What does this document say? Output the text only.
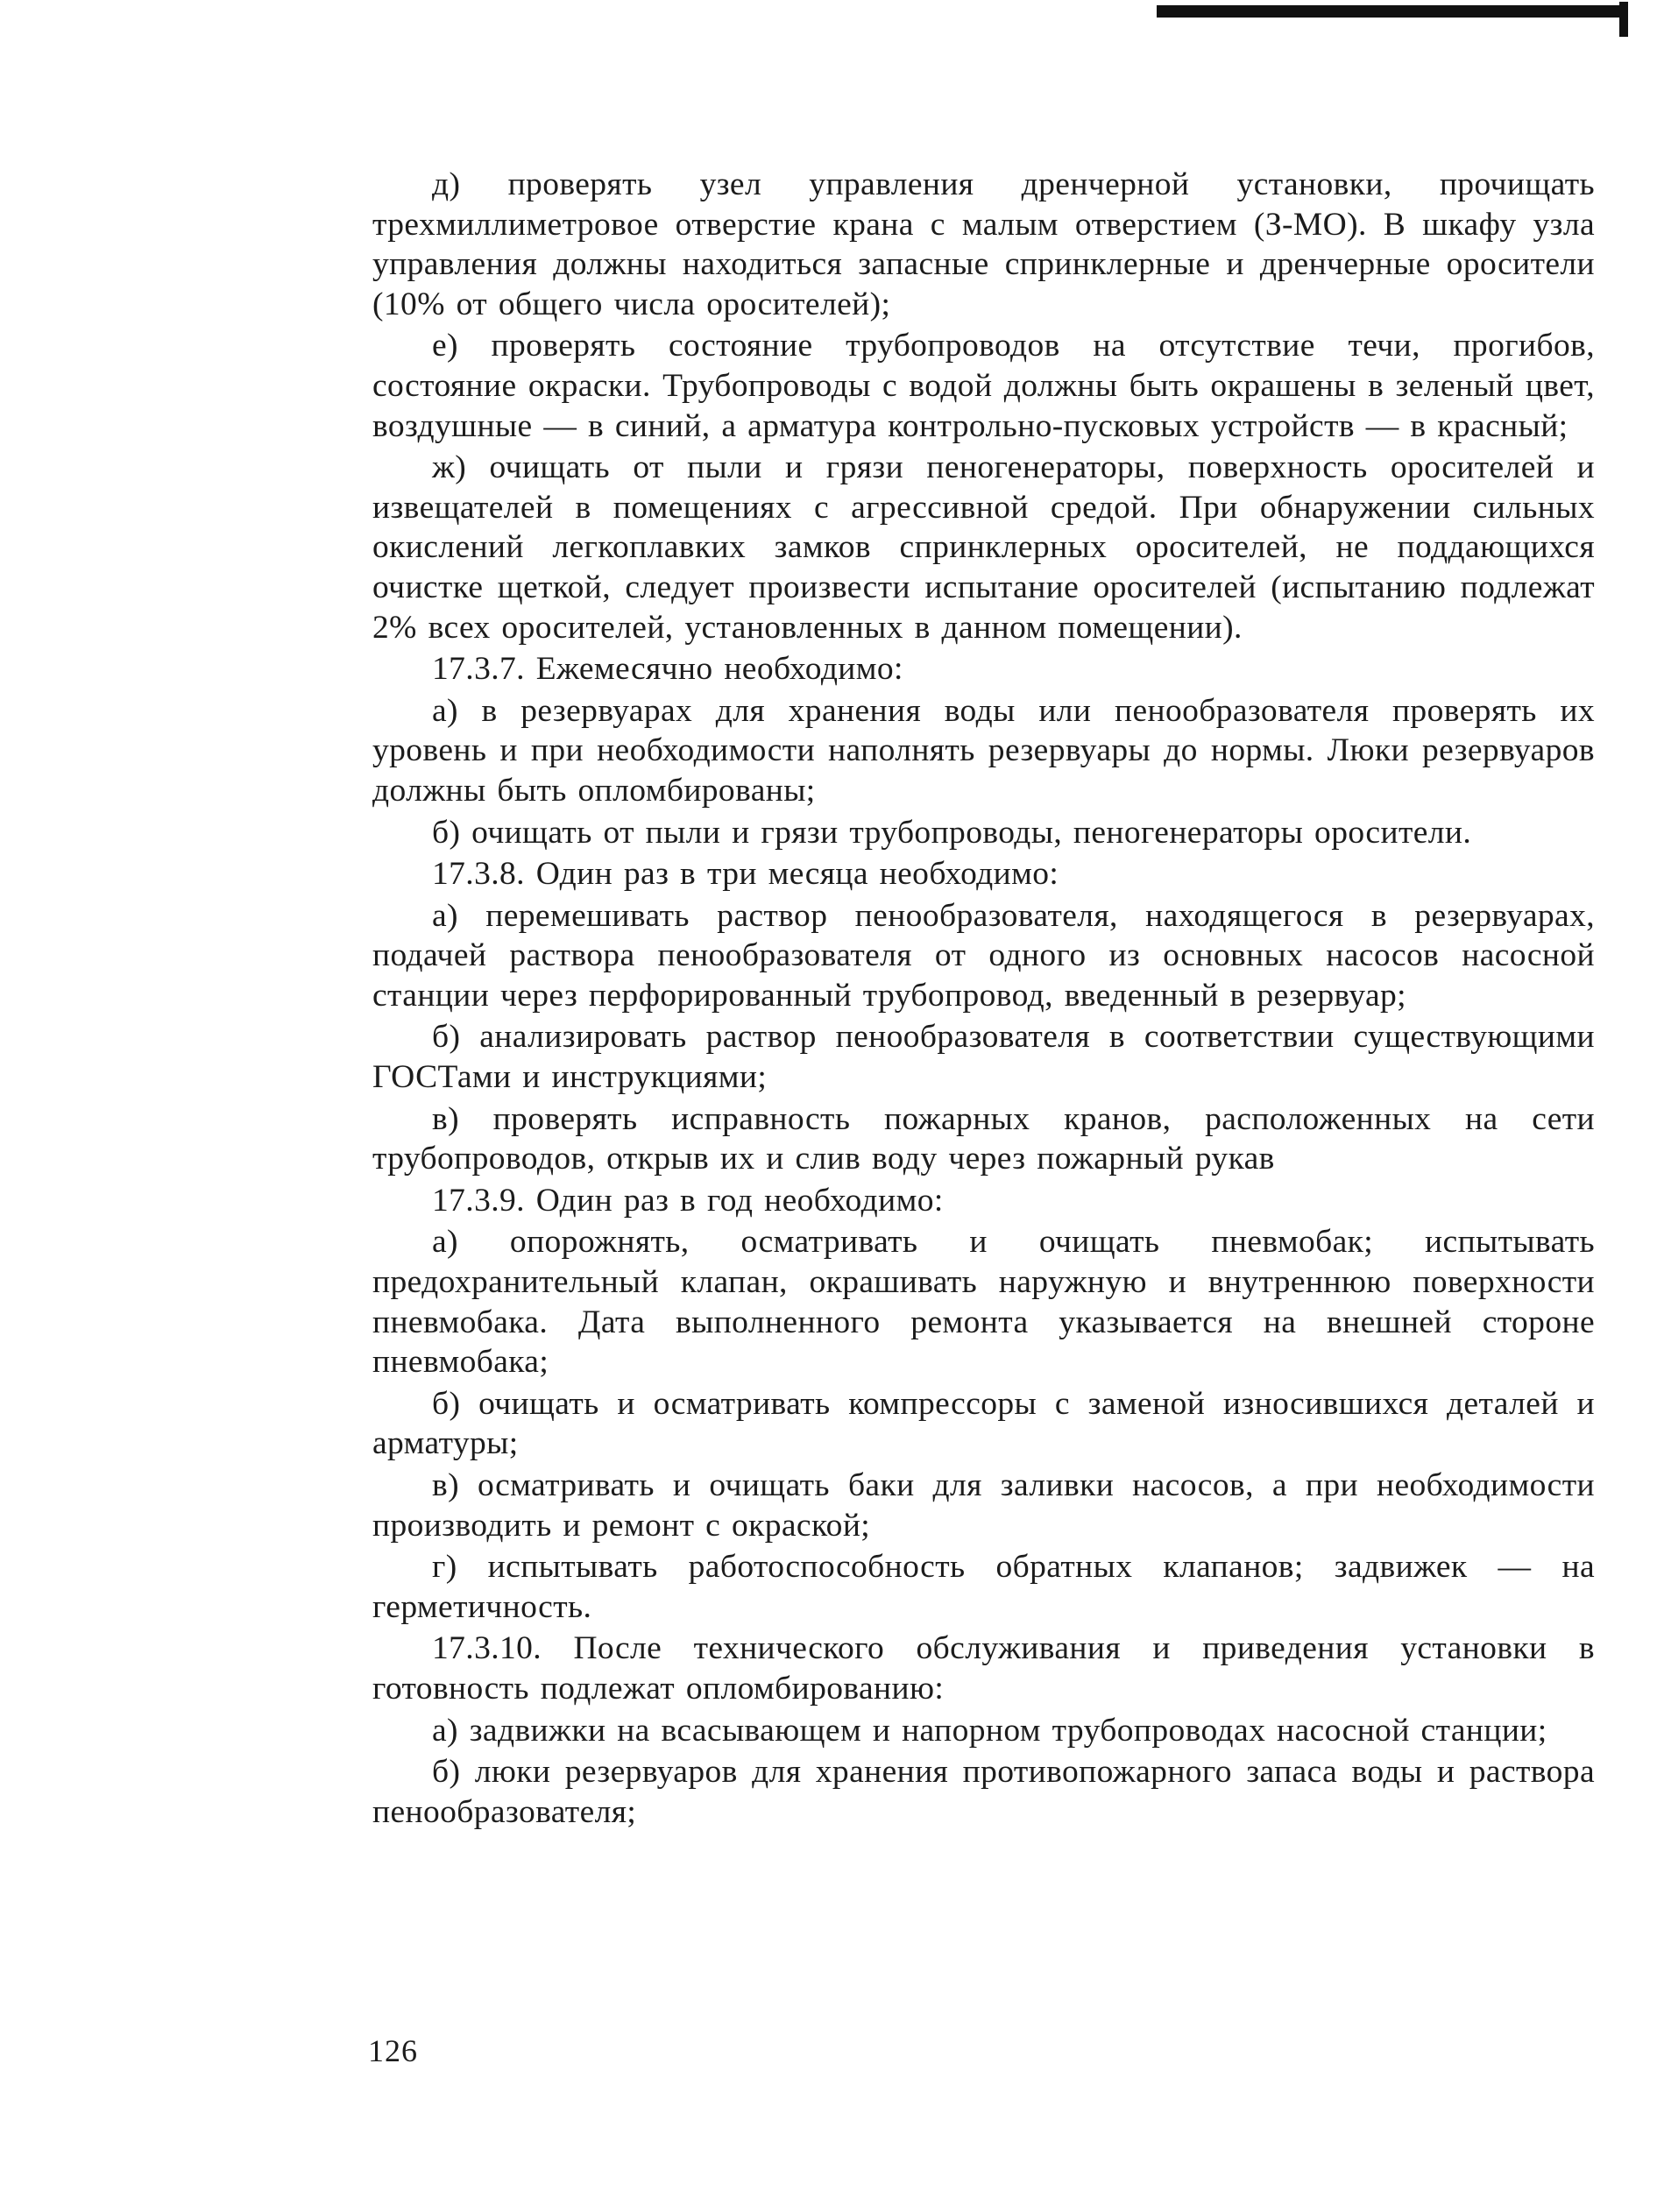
д) проверять узел управления дренчерной установки, прочищать трехмиллиметровое отверстие крана с малым отверстием (З-МО). В шкафу узла управления должны находиться запасные спринклерные и дренчерные оросители (10% от общего числа оросителей);

е) проверять состояние трубопроводов на отсутствие течи, прогибов, состояние окраски. Трубопроводы с водой должны быть окрашены в зеленый цвет, воздушные — в синий, а арматура контрольно-пусковых устройств — в красный;

ж) очищать от пыли и грязи пеногенераторы, поверхность оросителей и извещателей в помещениях с агрессивной средой. При обнаружении сильных окислений легкоплавких замков спринклерных оросителей, не поддающихся очистке щеткой, следует произвести испытание оросителей (испытанию подлежат 2% всех оросителей, установленных в данном помещении).

17.3.7. Ежемесячно необходимо:

а) в резервуарах для хранения воды или пенообразователя проверять их уровень и при необходимости наполнять резервуары до нормы. Люки резервуаров должны быть опломбированы;

б) очищать от пыли и грязи трубопроводы, пеногенераторы оросители.

17.3.8. Один раз в три месяца необходимо:

а) перемешивать раствор пенообразователя, находящегося в резервуарах, подачей раствора пенообразователя от одного из основных насосов насосной станции через перфорированный трубопровод, введенный в резервуар;

б) анализировать раствор пенообразователя в соответствии существующими ГОСТами и инструкциями;

в) проверять исправность пожарных кранов, расположенных на сети трубопроводов, открыв их и слив воду через пожарный рукав

17.3.9. Один раз в год необходимо:

а) опорожнять, осматривать и очищать пневмобак; испытывать предохранительный клапан, окрашивать наружную и внутреннюю поверхности пневмобака. Дата выполненного ремонта указывается на внешней стороне пневмобака;

б) очищать и осматривать компрессоры с заменой износившихся деталей и арматуры;

в) осматривать и очищать баки для заливки насосов, а при необходимости производить и ремонт с окраской;

г) испытывать работоспособность обратных клапанов; задвижек — на герметичность.

17.3.10. После технического обслуживания и приведения установки в готовность подлежат опломбированию:

а) задвижки на всасывающем и напорном трубопроводах насосной станции;

б) люки резервуаров для хранения противопожарного запаса воды и раствора пенообразователя;

126
